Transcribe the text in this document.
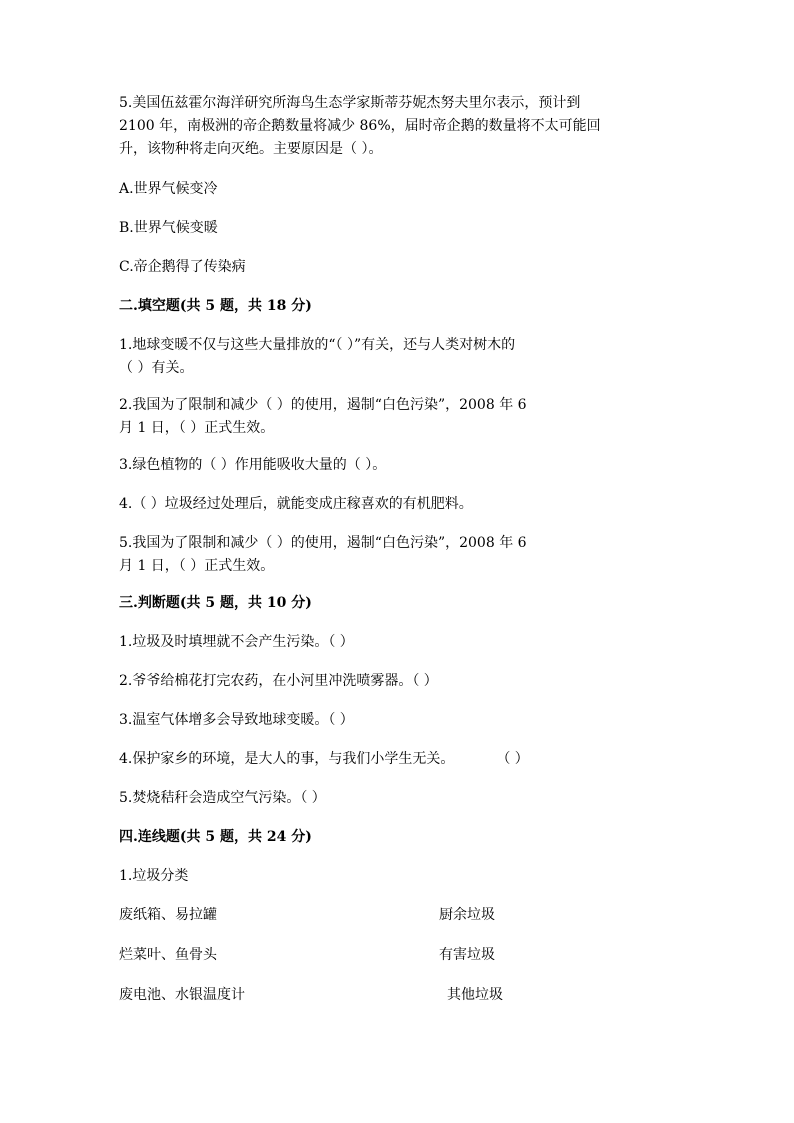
5.美国伍兹霍尔海洋研究所海鸟生态学家斯蒂芬妮杰努夫里尔表示，预计到
2100 年，南极洲的帝企鹅数量将减少 86%，届时帝企鹅的数量将不太可能回
升，该物种将走向灭绝。主要原因是（ ）。
A.世界气候变冷
B.世界气候变暖
C.帝企鹅得了传染病
二.填空题(共 5 题，共 18 分)
1.地球变暖不仅与这些大量排放的“（ ）”有关，还与人类对树木的
（ ）有关。
2.我国为了限制和减少（ ）的使用，遏制“白色污染”，2008 年 6
月 1 日，（ ）正式生效。
3.绿色植物的（ ）作用能吸收大量的（ ）。
4.（ ）垃圾经过处理后，就能变成庄稼喜欢的有机肥料。
5.我国为了限制和减少（ ）的使用，遏制“白色污染”，2008 年 6
月 1 日，（ ）正式生效。
三.判断题(共 5 题，共 10 分)
1.垃圾及时填埋就不会产生污染。（ ）
2.爷爷给棉花打完农药，在小河里冲洗喷雾器。（ ）
3.温室气体增多会导致地球变暖。（ ）
4.保护家乡的环境，是大人的事，与我们小学生无关。	（ ）
5.焚烧秸秆会造成空气污染。（ ）
四.连线题(共 5 题，共 24 分)
1.垃圾分类
废纸箱、易拉罐	厨余垃圾
烂菜叶、鱼骨头	有害垃圾
废电池、水银温度计	其他垃圾
